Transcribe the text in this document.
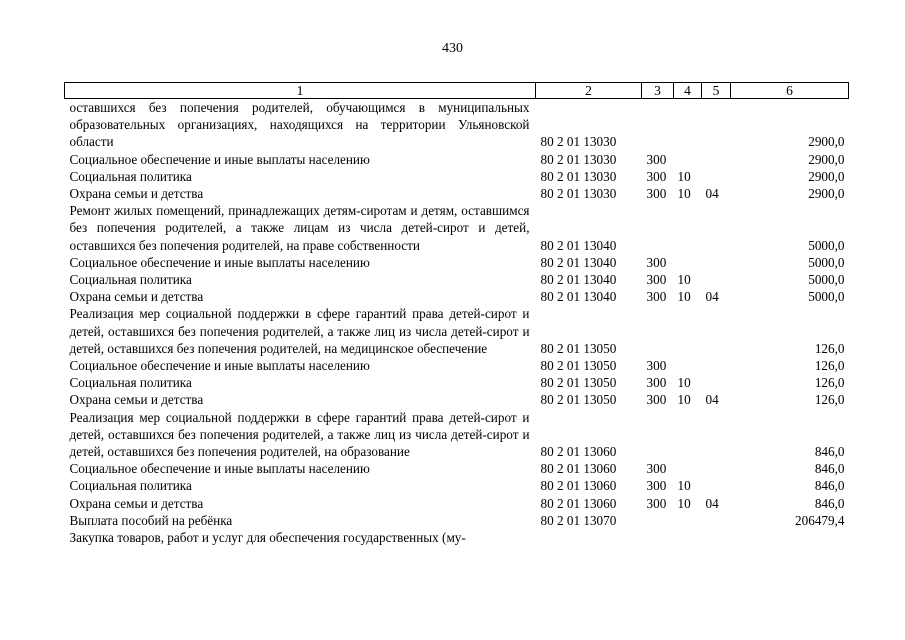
430
1	2	3	4	5	6
оставшихся без попечения родителей, обучающимся в муниципальных образовательных организациях, находящихся на территории Ульяновской области	80 2 01 13030				2900,0
Социальное обеспечение и иные выплаты населению	80 2 01 13030	300			2900,0
Социальная политика	80 2 01 13030	300	10		2900,0
Охрана семьи и детства	80 2 01 13030	300	10	04	2900,0
Ремонт жилых помещений, принадлежащих детям-сиротам и детям, оставшимся без попечения родителей, а также лицам из числа детей-сирот и детей, оставшихся без попечения родителей, на праве собственности	80 2 01 13040				5000,0
Социальное обеспечение и иные выплаты населению	80 2 01 13040	300			5000,0
Социальная политика	80 2 01 13040	300	10		5000,0
Охрана семьи и детства	80 2 01 13040	300	10	04	5000,0
Реализация мер социальной поддержки в сфере гарантий права детей-сирот и детей, оставшихся без попечения родителей, а также лиц из числа детей-сирот и детей, оставшихся без попечения родителей, на медицинское обеспечение	80 2 01 13050				126,0
Социальное обеспечение и иные выплаты населению	80 2 01 13050	300			126,0
Социальная политика	80 2 01 13050	300	10		126,0
Охрана семьи и детства	80 2 01 13050	300	10	04	126,0
Реализация мер социальной поддержки в сфере гарантий права детей-сирот и детей, оставшихся без попечения родителей, а также лиц из числа детей-сирот и детей, оставшихся без попечения родителей, на образование	80 2 01 13060				846,0
Социальное обеспечение и иные выплаты населению	80 2 01 13060	300			846,0
Социальная политика	80 2 01 13060	300	10		846,0
Охрана семьи и детства	80 2 01 13060	300	10	04	846,0
Выплата пособий на ребёнка	80 2 01 13070				206479,4
Закупка товаров, работ и услуг для обеспечения государственных (му-					
